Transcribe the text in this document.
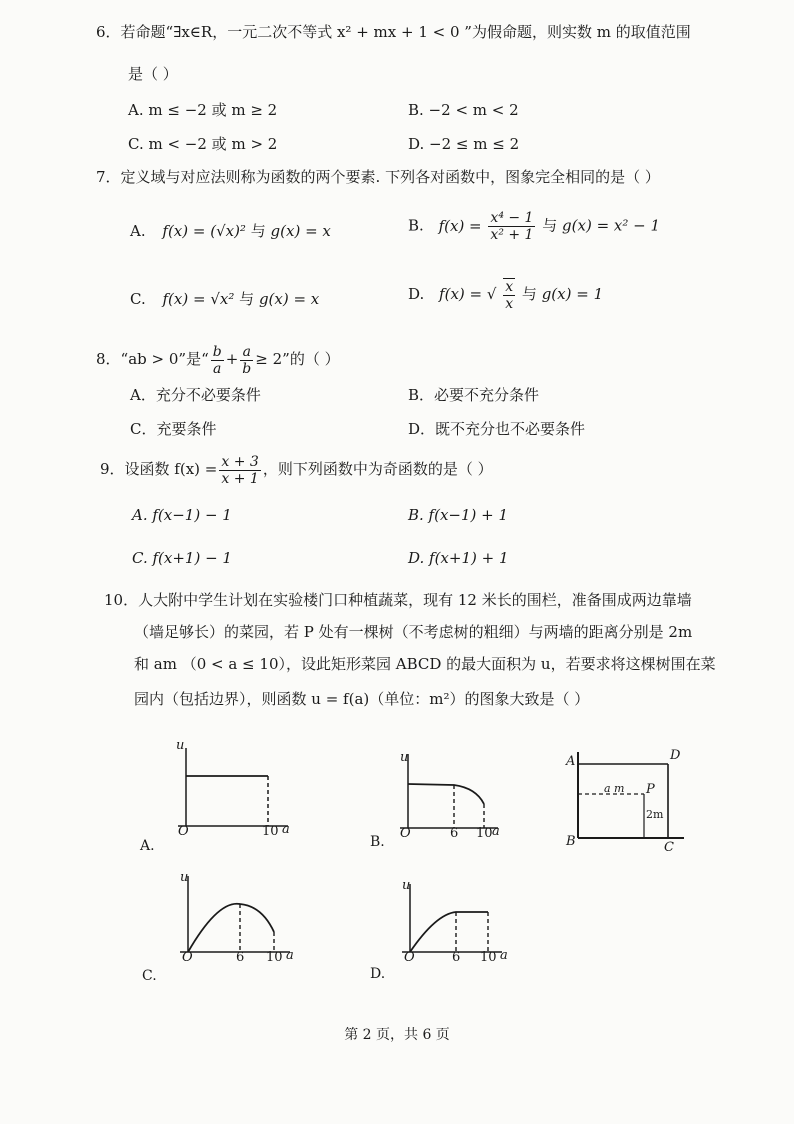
6．若命题“∃x∈R，一元二次不等式 x² + mx + 1 < 0 ”为假命题，则实数 m 的取值范围
是（ ）
A. m ≤ −2 或 m ≥ 2	B. −2 < m < 2
C. m < −2 或 m > 2	D. −2 ≤ m ≤ 2
7．定义域与对应法则称为函数的两个要素. 下列各对函数中，图象完全相同的是（ ）
A. f(x) = (√x)² 与 g(x) = x	B. $f(x) = \frac{\text{x⁴ − 1}}{\text{x² + 1}}$ 与 g(x) = x² − 1
C. f(x) = √x² 与 g(x) = x	D. f(x) = √ $\frac{x}{x}$ 与 g(x) = 1
8．“ab > 0”是“ $\frac{b}{a} + \frac{a}{b} \ge 2$”的（ ）
A．充分不必要条件	B．必要不充分条件
C．充要条件	D．既不充分也不必要条件
9．设函数 $f(x) = \frac{x + 3}{x + 1}$ ，则下列函数中为奇函数的是（ ）
A. f(x−1) − 1	B. f(x−1) + 1
C. f(x+1) − 1	D. f(x+1) + 1
10．人大附中学生计划在实验楼门口种植蔬菜，现有 12 米长的围栏，准备围成两边靠墙
（墙足够长）的菜园，若 P 处有一棵树（不考虑树的粗细）与两墙的距离分别是 2m
和 am （0 < a ≤ 10），设此矩形菜园 ABCD 的最大面积为 u，若要求将这棵树围在菜
园内（包括边界），则函数 u = f(a)（单位：m²）的图象大致是（ ）
u
O	10 a
A.
u
O	6 10 a
B.
A	D
B	C
P
a m
2m
u
O	6 10 a
C.
u
O	6 10 a
D.
第 2 页，共 6 页
